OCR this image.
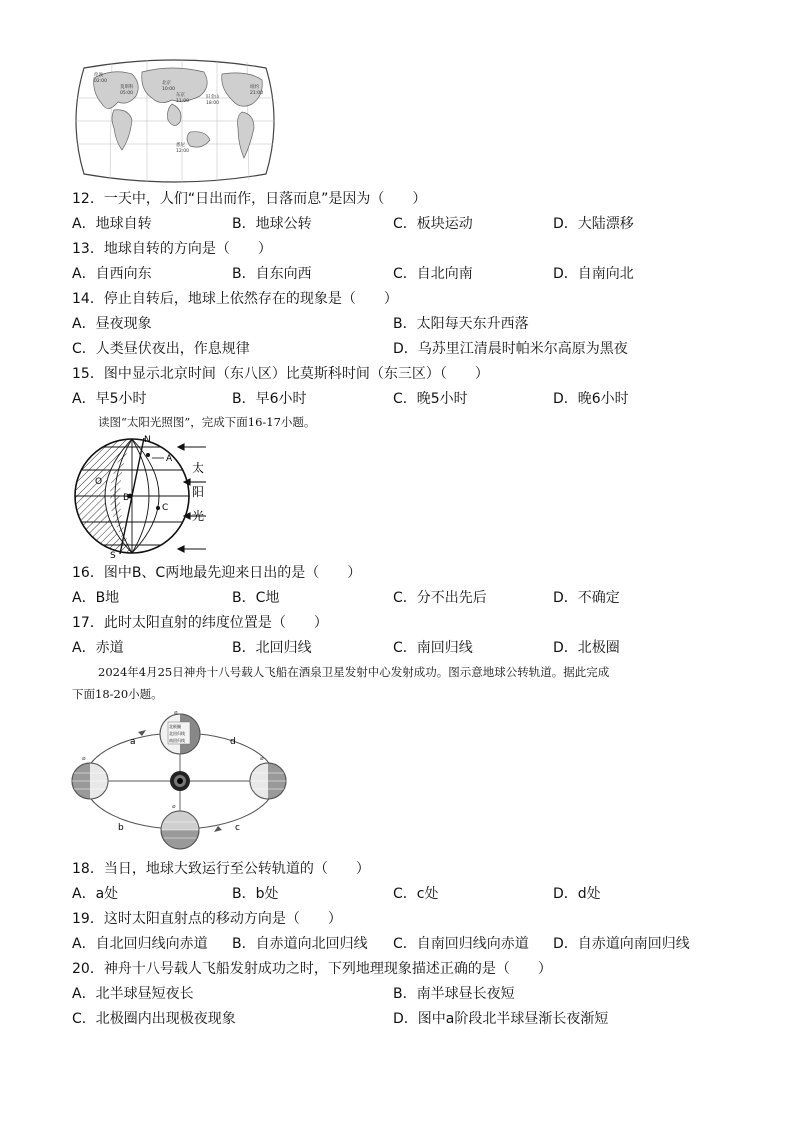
伦敦
02:00
莫斯科
05:00
北京
10:00
东京
11:00
旧金山
18:00
纽约
21:00
悉尼
12:00
12．一天中，人们“日出而作，日落而息”是因为（　　）
A．地球自转	B．地球公转	C．板块运动	D．大陆漂移
13．地球自转的方向是（　　）
A．自西向东	B．自东向西	C．自北向南	D．自南向北
14．停止自转后，地球上依然存在的现象是（　　）
A．昼夜现象	B．太阳每天东升西落
C．人类昼伏夜出，作息规律	D．乌苏里江清晨时帕米尔高原为黑夜
15．图中显示北京时间（东八区）比莫斯科时间（东三区）（　　）
A．早5小时	B．早6小时	C．晚5小时	D．晚6小时
读图“太阳光照图”，完成下面16-17小题。
N
A
B
C
O
S
太
阳
光
16．图中B、C两地最先迎来日出的是（　　）
A．B地	B．C地	C．分不出先后	D．不确定
17．此时太阳直射的纬度位置是（　　）
A．赤道	B．北回归线	C．南回归线	D．北极圈
2024年4月25日神舟十八号载人飞船在酒泉卫星发射中心发射成功。图示意地球公转轨道。据此完成
下面18-20小题。
北极圈
北回归线
南回归线
⌀
⌀	⌀
⌀
a	d
b	c
18．当日，地球大致运行至公转轨道的（　　）
A．a处	B．b处	C．c处	D．d处
19．这时太阳直射点的移动方向是（　　）
A．自北回归线向赤道 B．自赤道向北回归线 C．自南回归线向赤道 D．自赤道向南回归线
20．神舟十八号载人飞船发射成功之时，下列地理现象描述正确的是（　　）
A．北半球昼短夜长	B．南半球昼长夜短
C．北极圈内出现极夜现象	D．图中a阶段北半球昼渐长夜渐短
